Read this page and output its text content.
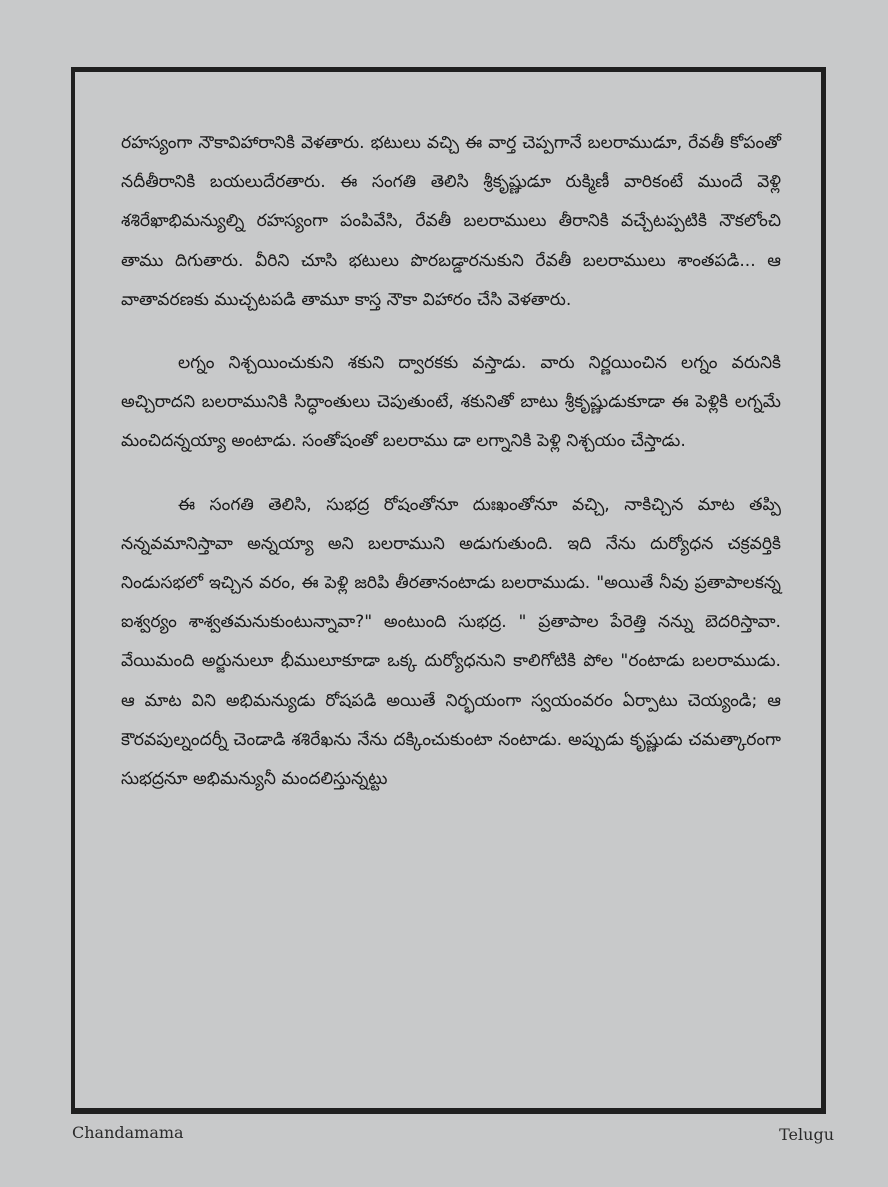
రహస్యంగా నౌకావిహారానికి వెళతారు. భటులు వచ్చి ఈ వార్త చెప్పగానే బలరాముడూ, రేవతీ కోపంతో నదీతీరానికి బయలుదేరతారు. ఈ సంగతి తెలిసి శ్రీకృష్ణుడూ రుక్మిణీ వారికంటే ముందే వెళ్లి శశిరేఖాభిమన్యుల్ని రహస్యంగా పంపివేసి, రేవతీ బలరాములు తీరానికి వచ్చేటప్పటికి నౌకలోంచి తాము దిగుతారు. వీరిని చూసి భటులు పొరబడ్డారనుకుని రేవతీ బలరాములు శాంతపడి... ఆ వాతావరణకు ముచ్చటపడి తామూ కాస్త నౌకా విహారం చేసి వెళతారు.

లగ్నం నిశ్చయించుకుని శకుని ద్వారకకు వస్తాడు. వారు నిర్ణయించిన లగ్నం వరునికి అచ్చిరాదని బలరామునికి సిద్ధాంతులు చెపుతుంటే, శకునితో బాటు శ్రీకృష్ణుడుకూడా ఈ పెళ్లికి లగ్నమే మంచిదన్నయ్యా అంటాడు. సంతోషంతో బలరాము డా లగ్నానికి పెళ్లి నిశ్చయం చేస్తాడు.

ఈ సంగతి తెలిసి, సుభద్ర రోషంతోనూ దుఃఖంతోనూ వచ్చి, నాకిచ్చిన మాట తప్పి నన్నవమానిస్తావా అన్నయ్యా అని బలరాముని అడుగుతుంది. ఇది నేను దుర్యోధన చక్రవర్తికి నిండుసభలో ఇచ్చిన వరం, ఈ పెళ్లి జరిపి తీరతానంటాడు బలరాముడు. "అయితే నీవు ప్రతాపాలకన్న ఐశ్వర్యం శాశ్వతమనుకుంటున్నావా?" అంటుంది సుభద్ర. " ప్రతాపాల పేరెత్తి నన్ను బెదరిస్తావా. వేయిమంది అర్జునులూ భీములూకూడా ఒక్క దుర్యోధనుని కాలిగోటికి పోల "రంటాడు బలరాముడు. ఆ మాట విని అభిమన్యుడు రోషపడి అయితే నిర్భయంగా స్వయంవరం ఏర్పాటు చెయ్యండి; ఆ కౌరవపుల్నందర్నీ చెండాడి శశిరేఖను నేను దక్కించుకుంటా నంటాడు. అప్పుడు కృష్ణుడు చమత్కారంగా సుభద్రనూ అభిమన్యునీ మందలిస్తున్నట్టు

Chandamama	Telugu
